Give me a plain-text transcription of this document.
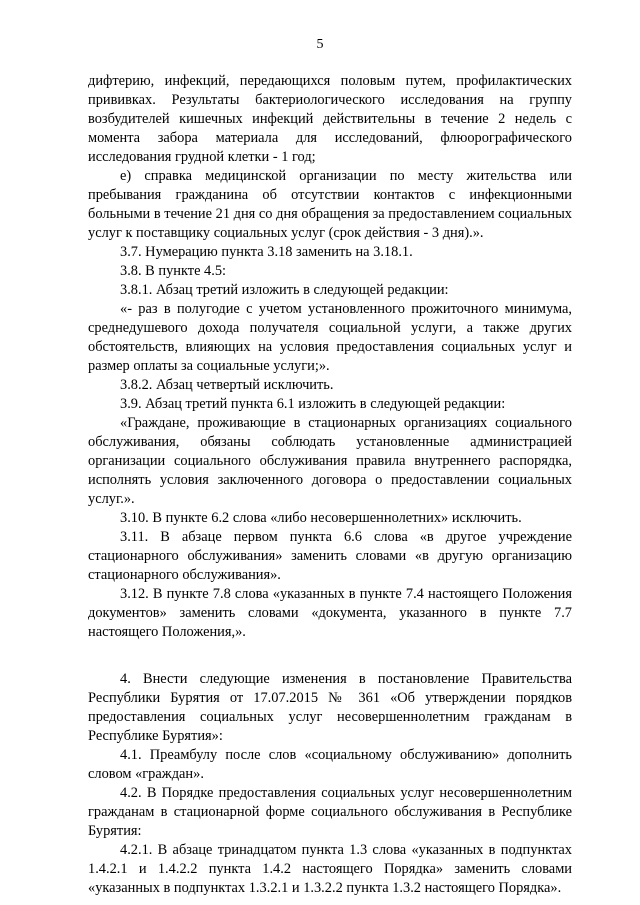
5

дифтерию, инфекций, передающихся половым путем, профилактических прививках. Результаты бактериологического исследования на группу возбудителей кишечных инфекций действительны в течение 2 недель с момента забора материала для исследований, флюорографического исследования грудной клетки - 1 год;

е) справка медицинской организации по месту жительства или пребывания гражданина об отсутствии контактов с инфекционными больными в течение 21 дня со дня обращения за предоставлением социальных услуг к поставщику социальных услуг (срок действия - 3 дня).».

3.7. Нумерацию пункта 3.18 заменить на 3.18.1.

3.8. В пункте 4.5:

3.8.1. Абзац третий изложить в следующей редакции:

«- раз в полугодие с учетом установленного прожиточного минимума, среднедушевого дохода получателя социальной услуги, а также других обстоятельств, влияющих на условия предоставления социальных услуг и размер оплаты за социальные услуги;».

3.8.2. Абзац четвертый исключить.

3.9. Абзац третий пункта 6.1 изложить в следующей редакции:

«Граждане, проживающие в стационарных организациях социального обслуживания, обязаны соблюдать установленные администрацией организации социального обслуживания правила внутреннего распорядка, исполнять условия заключенного договора о предоставлении социальных услуг.».

3.10. В пункте 6.2 слова «либо несовершеннолетних» исключить.

3.11. В абзаце первом пункта 6.6 слова «в другое учреждение стационарного обслуживания» заменить словами «в другую организацию стационарного обслуживания».

3.12. В пункте 7.8 слова «указанных в пункте 7.4 настоящего Положения документов» заменить словами «документа, указанного в пункте 7.7 настоящего Положения,».

4. Внести следующие изменения в постановление Правительства Республики Бурятия от 17.07.2015 № 361 «Об утверждении порядков предоставления социальных услуг несовершеннолетним гражданам в Республике Бурятия»:

4.1. Преамбулу после слов «социальному обслуживанию» дополнить словом «граждан».

4.2. В Порядке предоставления социальных услуг несовершеннолетним гражданам в стационарной форме социального обслуживания в Республике Бурятия:

4.2.1. В абзаце тринадцатом пункта 1.3 слова «указанных в подпунктах 1.4.2.1 и 1.4.2.2 пункта 1.4.2 настоящего Порядка» заменить словами «указанных в подпунктах 1.3.2.1 и 1.3.2.2 пункта 1.3.2 настоящего Порядка».
